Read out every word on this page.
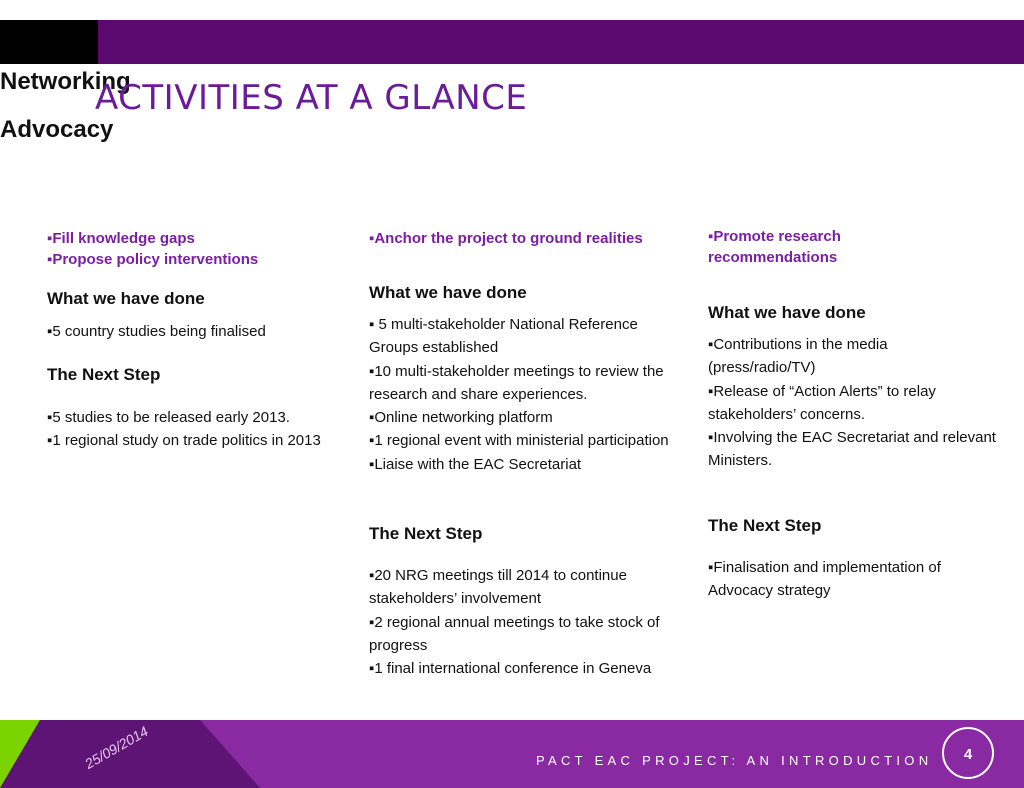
ACTIVITIES AT A GLANCE
▪Fill knowledge gaps
▪Propose policy interventions

What we have done

▪5 country studies being finalised

The Next Step

▪5 studies to be released early 2013.
▪1 regional study on trade politics in 2013
Networking
▪Anchor the project to ground realities

What we have done

▪ 5 multi-stakeholder National Reference Groups established
▪10 multi-stakeholder meetings to review the research and share experiences.
▪Online networking platform
▪1 regional event with ministerial participation
▪Liaise with the EAC Secretariat

The Next Step

▪20 NRG meetings till 2014 to continue stakeholders’ involvement
▪2 regional annual meetings to take stock of progress
▪1 final international conference in Geneva
Advocacy
▪Promote research recommendations

What we have done

▪Contributions in the media (press/radio/TV)
▪Release of “Action Alerts” to relay stakeholders’ concerns.
▪Involving the EAC Secretariat and relevant Ministers.

The Next Step

▪Finalisation and implementation of Advocacy strategy
25/09/2014	PACT EAC PROJECT: AN INTRODUCTION	4
